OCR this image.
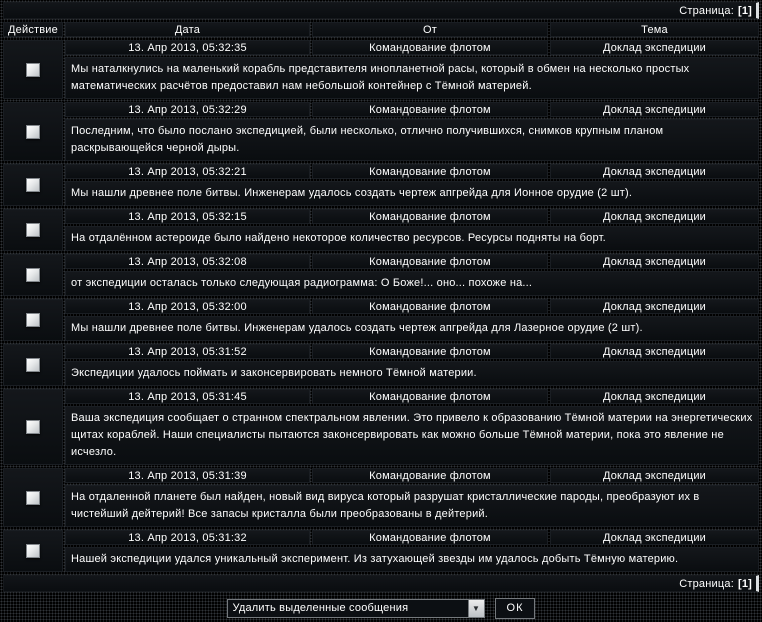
Страница: [1]
Действие	Дата	От	Тема
13. Апр 2013, 05:32:35	Командование флотом	Доклад экспедиции
Мы наталкнулись на маленький корабль представителя инопланетной расы, который в обмен на несколько простых математических расчётов предоставил нам небольшой контейнер с Тёмной материей.
13. Апр 2013, 05:32:29	Командование флотом	Доклад экспедиции
Последним, что было послано экспедицией, были несколько, отлично получившихся, снимков крупным планом раскрывающейся черной дыры.
13. Апр 2013, 05:32:21	Командование флотом	Доклад экспедиции
Мы нашли древнее поле битвы. Инженерам удалось создать чертеж апгрейда для Ионное орудие (2 шт).
13. Апр 2013, 05:32:15	Командование флотом	Доклад экспедиции
На отдалённом астероиде было найдено некоторое количество ресурсов. Ресурсы подняты на борт.
13. Апр 2013, 05:32:08	Командование флотом	Доклад экспедиции
от экспедиции осталась только следующая радиограмма: О Боже!... оно... похоже на...
13. Апр 2013, 05:32:00	Командование флотом	Доклад экспедиции
Мы нашли древнее поле битвы. Инженерам удалось создать чертеж апгрейда для Лазерное орудие (2 шт).
13. Апр 2013, 05:31:52	Командование флотом	Доклад экспедиции
Экспедиции удалось поймать и законсервировать немного Тёмной материи.
13. Апр 2013, 05:31:45	Командование флотом	Доклад экспедиции
Ваша экспедиция сообщает о странном спектральном явлении. Это привело к образованию Тёмной материи на энергетических щитах кораблей. Наши специалисты пытаются законсервировать как можно больше Тёмной материи, пока это явление не исчезло.
13. Апр 2013, 05:31:39	Командование флотом	Доклад экспедиции
На отдаленной планете был найден, новый вид вируса который разрушат кристаллические пароды, преобразуют их в чистейший дейтерий! Все запасы кристалла были преобразованы в дейтерий.
13. Апр 2013, 05:31:32	Командование флотом	Доклад экспедиции
Нашей экспедиции удался уникальный эксперимент. Из затухающей звезды им удалось добыть Тёмную материю.
Страница: [1]
Удалить выделенные сообщения	▼	ОК
